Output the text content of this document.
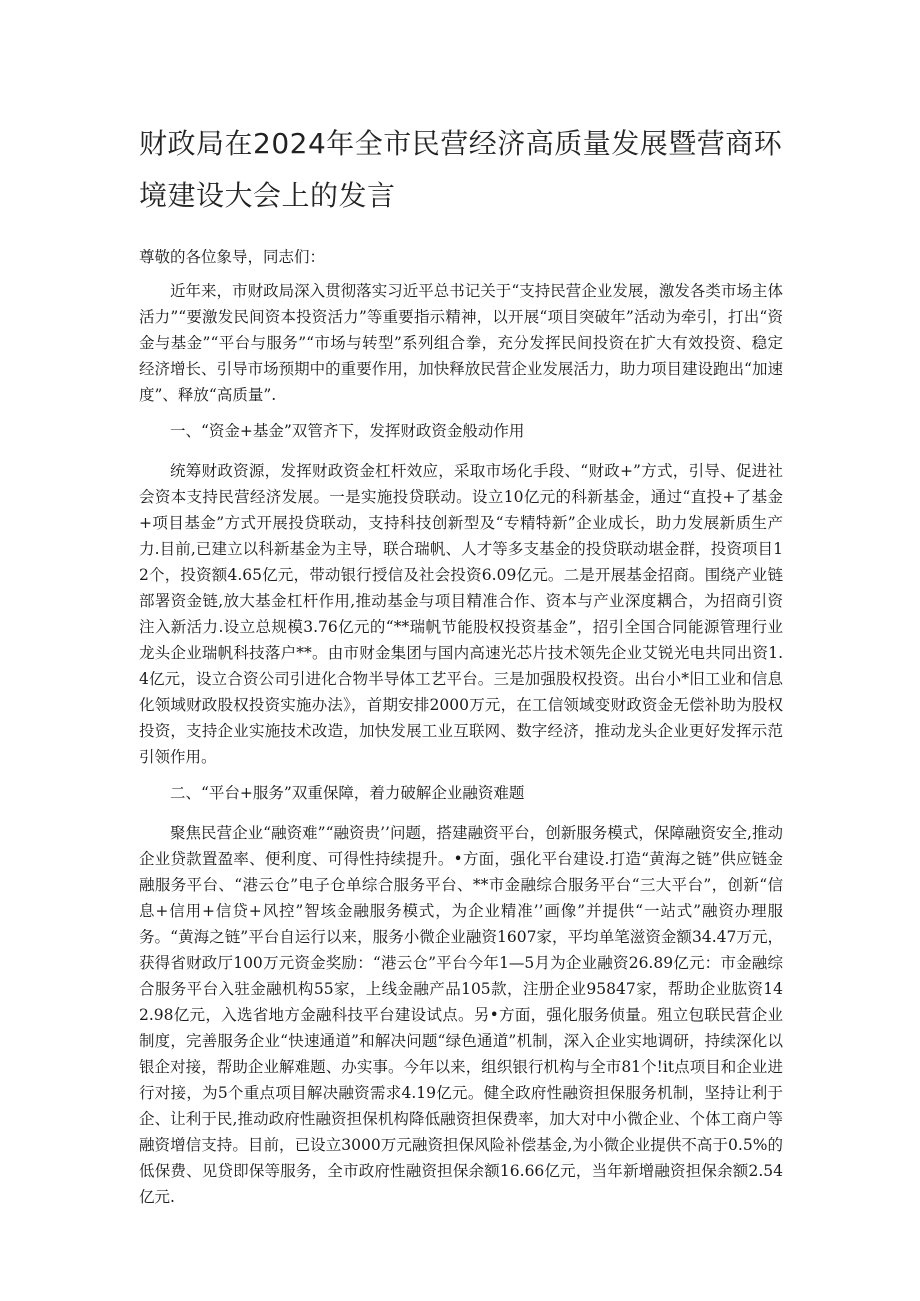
财政局在2024年全市民营经济高质量发展暨营商环境建设大会上的发言

尊敬的各位象导，同志们：

近年来，市财政局深入贯彻落实习近平总书记关于“支持民营企业发展，激发各类市场主体活力”“要激发民间资本投资活力”等重要指示精神，以开展“项目突破年”活动为牵引，打出“资金与基金”“平台与服务”“市场与转型”系列组合拳，充分发挥民间投资在扩大有效投资、稳定经济增长、引导市场预期中的重要作用，加快释放民营企业发展活力，助力项目建设跑出“加速度”、释放“高质量”.

一、“资金+基金”双管齐下，发挥财政资金般动作用

统筹财政资源，发挥财政资金杠杆效应，采取市场化手段、“财政+”方式，引导、促进社会资本支持民营经济发展。一是实施投贷联动。设立10亿元的科新基金，通过“直投+了基金+项目基金”方式开展投贷联动，支持科技创新型及“专精特新”企业成长，助力发展新质生产力.目前,已建立以科新基金为主导，联合瑞帆、人才等多支基金的投贷联动堪金群，投资项目12个，投资额4.65亿元，带动银行授信及社会投资6.09亿元。二是开展基金招商。围绕产业链部署资金链,放大基金杠杆作用,推动基金与项目精准合作、资本与产业深度耦合，为招商引资注入新活力.设立总规模3.76亿元的“**瑞帆节能股权投资基金”，招引全国合同能源管理行业龙头企业瑞帆科技落户**。由市财金集团与国内高速光芯片技术领先企业艾锐光电共同出资1.4亿元，设立合资公司引进化合物半导体工艺平台。三是加强股权投资。出台小*旧工业和信息化领域财政股权投资实施办法》，首期安排2000万元，在工信领域变财政资金无偿补助为股权投资，支持企业实施技术改造，加快发展工业互联网、数字经济，推动龙头企业更好发挥示范引领作用。

二、“平台+服务”双重保障，着力破解企业融资难题

聚焦民营企业“融资难”“融资贵’’问题，搭建融资平台，创新服务模式，保障融资安全,推动企业贷款置盈率、便利度、可得性持续提升。•方面，强化平台建设.打造“黄海之链”供应链金融服务平台、“港云仓”电子仓单综合服务平台、**市金融综合服务平台“三大平台”，创新“信息+信用+信贷+风控”智垓金融服务模式，为企业精准’’画像”并提供“一站式”融资办理服务。“黄海之链”平台自运行以来，服务小微企业融资1607家，平均单笔滋资金额34.47万元，获得省财政厅100万元资金奖励：“港云仓”平台今年1—5月为企业融资26.89亿元：市金融综合服务平台入驻金融机构55家，上线金融产品105款，注册企业95847家，帮助企业肱资142.98亿元，入选省地方金融科技平台建设试点。另•方面，强化服务侦量。殂立包联民营企业制度，完善服务企业“快速通道”和解决问题“绿色通道”机制，深入企业实地调研，持续深化以银企对接，帮助企业解难题、办实事。今年以来，组织银行机构与全市81个!it点项目和企业进行对接，为5个重点项目解决融资需求4.19亿元。健全政府性融资担保服务机制，坚持让利于企、让利于民,推动政府性融资担保机构降低融资担保费率，加大对中小微企业、个体工商户等融资增信支持。目前，已设立3000万元融资担保风险补偿基金,为小微企业提供不高于0.5%的低保费、见贷即保等服务，全市政府性融资担保余额16.66亿元，当年新增融资担保余额2.54亿元.
